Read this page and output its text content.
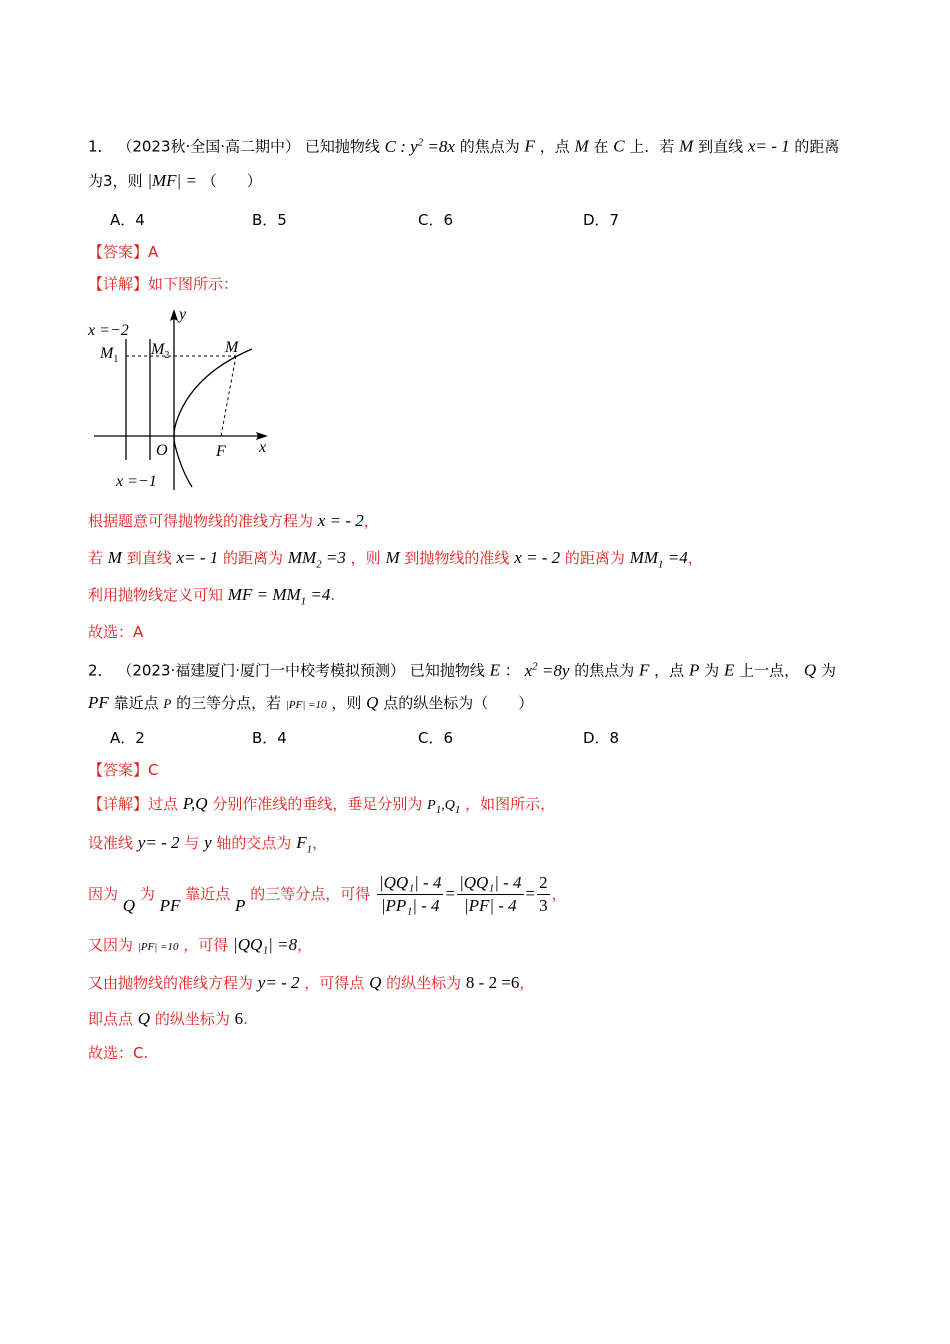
1． （2023秋·全国·高二期中） 已知抛物线 C : $y^2 =8x$ 的焦点为 F ，点 M 在 C 上．若 M 到直线 x= - 1 的距离
为3，则 |MF| = （　　）
A．4	B．5	C．6	D．7
【答案】A
【详解】如下图所示：
x =−2
$M_1$
$M_2$	M
y
O	F x
x =−1
根据题意可得抛物线的准线方程为 x = - 2，
若 M 到直线 x= - 1 的距离为 $MM_2 =3$ ，则 M 到抛物线的准线 x = - 2 的距离为 $MM_1 =4$，
利用抛物线定义可知 MF = $MM_1 =4$.
故选：A
2． （2023·福建厦门·厦门一中校考模拟预测） 已知抛物线 E ： $x^2 =8y$ 的焦点为 F ，点 P 为 E 上一点， Q 为
PF 靠近点 P 的三等分点，若 |PF| =10 ，则 Q 点的纵坐标为（　　）
A．2	B．4	C．6	D．8
【答案】C
【详解】过点 P,Q 分别作准线的垂线，垂足分别为 $P_1,Q_1$ ，如图所示，
设准线 y= - 2 与 y 轴的交点为 $F_1$，
因为 Q 为 PF 靠近点 P 的三等分点，可得 $\frac{\text{|QQ₁| - 4}}{\text{|PP₁| - 4}} = \frac{\text{|QQ₁| - 4}}{|PF| - 4} = \frac{2}{3}$ ，
又因为 |PF| =10 ，可得 |QQ₁| =8，
又由抛物线的准线方程为 y= - 2 ，可得点 Q 的纵坐标为 8 - 2 =6，
即点点 Q 的纵坐标为 6.
故选：C.
